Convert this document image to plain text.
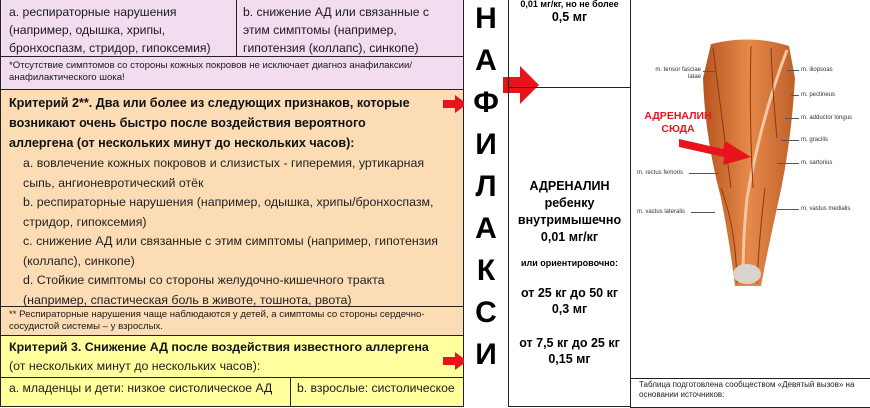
a. респираторные нарушения (например, одышка, хрипы, бронхоспазм, стридор, гипоксемия)
b. снижение АД или связанные с этим симптомы (например, гипотензия (коллапс), синкопе)
*Отсутствие симптомов со стороны кожных покровов не исключает диагноз анафилаксии/анафилактического шока!
Критерий 2**. Два или более из следующих признаков, которые возникают очень быстро после воздействия вероятного аллергена (от нескольких минут до нескольких часов):
a. вовлечение кожных покровов и слизистых - гиперемия, уртикарная сыпь, ангионевротический отёк
b. респираторные нарушения (например, одышка, хрипы/бронхоспазм, стридор, гипоксемия)
c. снижение АД или связанные с этим симптомы (например, гипотензия (коллапс), синкопе)
d. Стойкие симптомы со стороны желудочно-кишечного тракта (например, спастическая боль в животе, тошнота, рвота)
** Респираторные нарушения чаще наблюдаются у детей, а симптомы со стороны сердечно-сосудистой системы – у взрослых.
Критерий 3. Снижение АД после воздействия известного аллергена (от нескольких минут до нескольких часов):
a. младенцы и дети: низкое систолическое АД	b. взрослые: систолическое
Н
А
Ф
И
Л
А
К
С
И
0,01 мг/кг, но не более
0,5 мг
АДРЕНАЛИН
ребенку
внутримышечно
0,01 мг/кг
или ориентировочно:
от 25 кг до 50 кг
0,3 мг
от 7,5 кг до 25 кг
0,15 мг
m. tensor fasciae latae
m. rectus femoris
m. vastus lateralis
m. iliopsoas
m. pectineus
m. adductor longus
m. gracilis
m. sartorius
m. vastus medialis
АДРЕНАЛИН
СЮДА
Таблица подготовлена сообществом «Девятый вызов» на основании источников:
